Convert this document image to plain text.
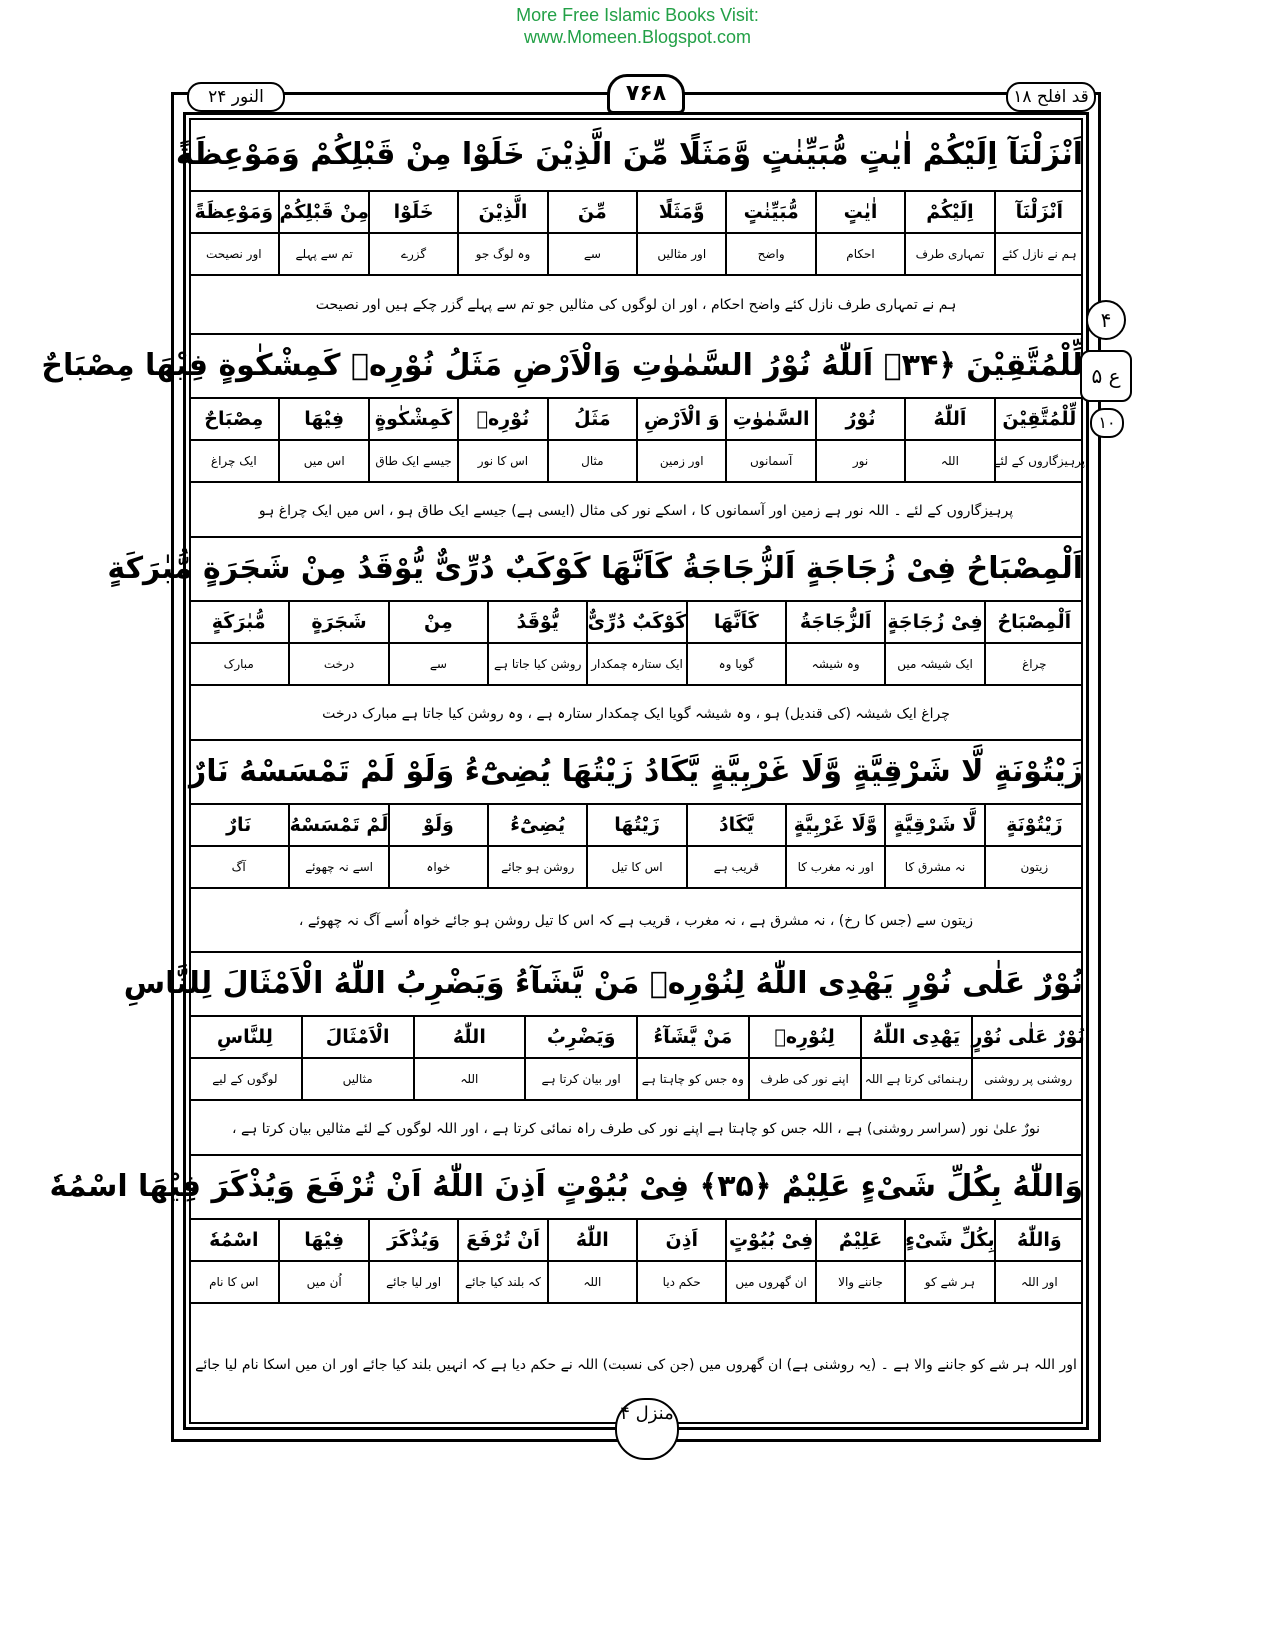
More Free Islamic Books Visit:
www.Momeen.Blogspot.com
النور ۲۴	۷۶۸	قد افلح ۱۸
۴
ع ۵
۱۰
اَنْزَلْنَآ اِلَيْكُمْ اٰيٰتٍ مُّبَيِّنٰتٍ وَّمَثَلًا مِّنَ الَّذِيْنَ خَلَوْا مِنْ قَبْلِكُمْ وَمَوْعِظَةً
اَنْزَلْنَآ
اِلَيْكُمْ
اٰيٰتٍ
مُّبَيِّنٰتٍ
وَّمَثَلًا
مِّنَ
الَّذِيْنَ
خَلَوْا
مِنْ قَبْلِكُمْ
وَمَوْعِظَةً
ہم نے نازل کئے
تمہاری طرف
احکام
واضح
اور مثالیں
سے
وہ لوگ جو
گزرے
تم سے پہلے
اور نصیحت
ہم نے تمہاری طرف نازل کئے واضح احکام ، اور ان لوگوں کی مثالیں جو تم سے پہلے گزر چکے ہیں اور نصیحت
لِّلْمُتَّقِيْنَ ﴿۳۴﴾ اَللّٰهُ نُوْرُ السَّمٰوٰتِ وَالْاَرْضِ مَثَلُ نُوْرِهٖ كَمِشْكٰوةٍ فِيْهَا مِصْبَاحٌ
لِّلْمُتَّقِيْنَ
اَللّٰهُ
نُوْرُ
السَّمٰوٰتِ
وَ الْاَرْضِ
مَثَلُ
نُوْرِهٖ
كَمِشْكٰوةٍ
فِيْهَا
مِصْبَاحٌ
پرہیزگاروں کے لئے
اللہ
نور
آسمانوں
اور زمین
مثال
اس کا نور
جیسے ایک طاق
اس میں
ایک چراغ
پرہیزگاروں کے لئے ۔ اللہ نور ہے زمین اور آسمانوں کا ، اسکے نور کی مثال (ایسی ہے) جیسے ایک طاق ہو ، اس میں ایک چراغ ہو
اَلْمِصْبَاحُ فِىْ زُجَاجَةٍ اَلزُّجَاجَةُ كَاَنَّهَا كَوْكَبٌ دُرِّىٌّ يُّوْقَدُ مِنْ شَجَرَةٍ مُّبٰرَكَةٍ
اَلْمِصْبَاحُ
فِىْ زُجَاجَةٍ
اَلزُّجَاجَةُ
كَاَنَّهَا
كَوْكَبٌ دُرِّىٌّ
يُّوْقَدُ
مِنْ
شَجَرَةٍ
مُّبٰرَكَةٍ
چراغ
ایک شیشہ میں
وہ شیشہ
گویا وہ
ایک ستارہ چمکدار
روشن کیا جاتا ہے
سے
درخت
مبارک
چراغ ایک شیشہ (کی قندیل) ہو ، وہ شیشہ گویا ایک چمکدار ستارہ ہے ، وہ روشن کیا جاتا ہے مبارک درخت
زَيْتُوْنَةٍ لَّا شَرْقِيَّةٍ وَّلَا غَرْبِيَّةٍ يَّكَادُ زَيْتُهَا يُضِىْٓءُ وَلَوْ لَمْ تَمْسَسْهُ نَارٌ
زَيْتُوْنَةٍ
لَّا شَرْقِيَّةٍ
وَّلَا غَرْبِيَّةٍ
يَّكَادُ
زَيْتُهَا
يُضِىْٓءُ
وَلَوْ
لَمْ تَمْسَسْهُ
نَارٌ
زیتون
نہ مشرق کا
اور نہ مغرب کا
قریب ہے
اس کا تیل
روشن ہو جائے
خواہ
اسے نہ چھوئے
آگ
زیتون سے (جس کا رخ) ، نہ مشرق ہے ، نہ مغرب ، قریب ہے کہ اس کا تیل روشن ہو جائے خواہ اُسے آگ نہ چھوئے ،
نُوْرٌ عَلٰى نُوْرٍ يَهْدِى اللّٰهُ لِنُوْرِهٖ مَنْ يَّشَآءُ وَيَضْرِبُ اللّٰهُ الْاَمْثَالَ لِلنَّاسِ
نُوْرٌ عَلٰى نُوْرٍ
يَهْدِى اللّٰهُ
لِنُوْرِهٖ
مَنْ يَّشَآءُ
وَيَضْرِبُ
اللّٰهُ
الْاَمْثَالَ
لِلنَّاسِ
روشنی پر روشنی
رہنمائی کرتا ہے اللہ
اپنے نور کی طرف
وہ جس کو چاہتا ہے
اور بیان کرتا ہے
اللہ
مثالیں
لوگوں کے لیے
نورٌ علیٰ نور (سراسر روشنی) ہے ، اللہ جس کو چاہتا ہے اپنے نور کی طرف راہ نمائی کرتا ہے ، اور اللہ لوگوں کے لئے مثالیں بیان کرتا ہے ،
وَاللّٰهُ بِكُلِّ شَىْءٍ عَلِيْمٌ ﴿۳۵﴾ فِىْ بُيُوْتٍ اَذِنَ اللّٰهُ اَنْ تُرْفَعَ وَيُذْكَرَ فِيْهَا اسْمُهٗ
وَاللّٰهُ
بِكُلِّ شَىْءٍ
عَلِيْمٌ
فِىْ بُيُوْتٍ
اَذِنَ
اللّٰهُ
اَنْ تُرْفَعَ
وَيُذْكَرَ
فِيْهَا
اسْمُهٗ
اور اللہ
ہر شے کو
جاننے والا
ان گھروں میں
حکم دیا
اللہ
کہ بلند کیا جائے
اور لیا جائے
اُن میں
اس کا نام
اور اللہ ہر شے کو جاننے والا ہے ۔ (یہ روشنی ہے) ان گھروں میں (جن کی نسبت) اللہ نے حکم دیا ہے کہ انہیں بلند کیا جائے اور ان میں اسکا نام لیا جائے
منزل ۴
